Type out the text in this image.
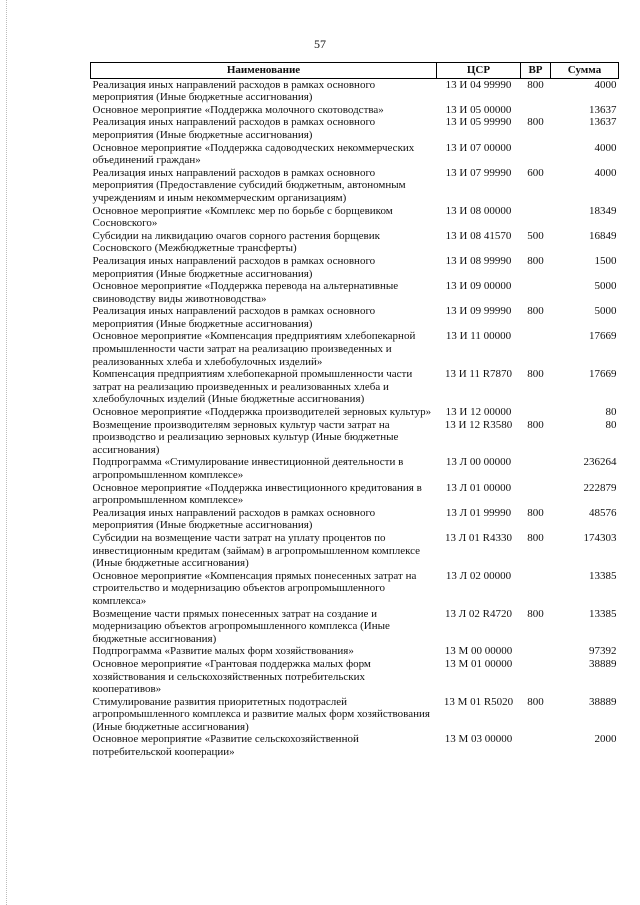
57
Наименование	ЦСР	ВР	Сумма
Реализация иных направлений расходов в рамках основного мероприятия (Иные бюджетные ассигнования)	13 И 04 99990	800	4000
Основное мероприятие «Поддержка молочного скотоводства»	13 И 05 00000		13637
Реализация иных направлений расходов в рамках основного мероприятия (Иные бюджетные ассигнования)	13 И 05 99990	800	13637
Основное мероприятие «Поддержка садоводческих некоммерческих объединений граждан»	13 И 07 00000		4000
Реализация иных направлений расходов в рамках основного мероприятия (Предоставление субсидий бюджетным, автономным учреждениям и иным некоммерческим организациям)	13 И 07 99990	600	4000
Основное мероприятие «Комплекс мер по борьбе с борщевиком Сосновского»	13 И 08 00000		18349
Субсидии на ликвидацию очагов сорного растения борщевик Сосновского (Межбюджетные трансферты)	13 И 08 41570	500	16849
Реализация иных направлений расходов в рамках основного мероприятия (Иные бюджетные ассигнования)	13 И 08 99990	800	1500
Основное мероприятие «Поддержка перевода на альтернативные свиноводству виды животноводства»	13 И 09 00000		5000
Реализация иных направлений расходов в рамках основного мероприятия (Иные бюджетные ассигнования)	13 И 09 99990	800	5000
Основное мероприятие «Компенсация предприятиям хлебопекарной промышленности части затрат на реализацию произведенных и реализованных хлеба и хлебобулочных изделий»	13 И 11 00000		17669
Компенсация предприятиям хлебопекарной промышленности части затрат на реализацию произведенных и реализованных хлеба и хлебобулочных изделий (Иные бюджетные ассигнования)	13 И 11 R7870	800	17669
Основное мероприятие «Поддержка производителей зерновых культур»	13 И 12 00000		80
Возмещение производителям зерновых культур части затрат на производство и реализацию зерновых культур (Иные бюджетные ассигнования)	13 И 12 R3580	800	80
Подпрограмма «Стимулирование инвестиционной деятельности в агропромышленном комплексе»	13 Л 00 00000		236264
Основное мероприятие «Поддержка инвестиционного кредитования в агропромышленном комплексе»	13 Л 01 00000		222879
Реализация иных направлений расходов в рамках основного мероприятия (Иные бюджетные ассигнования)	13 Л 01 99990	800	48576
Субсидии на возмещение части затрат на уплату процентов по инвестиционным кредитам (займам) в агропромышленном комплексе (Иные бюджетные ассигнования)	13 Л 01 R4330	800	174303
Основное мероприятие «Компенсация прямых понесенных затрат на строительство и модернизацию объектов агропромышленного комплекса»	13 Л 02 00000		13385
Возмещение части прямых понесенных затрат на создание и модернизацию объектов агропромышленного комплекса (Иные бюджетные ассигнования)	13 Л 02 R4720	800	13385
Подпрограмма «Развитие малых форм хозяйствования»	13 М 00 00000		97392
Основное мероприятие «Грантовая поддержка малых форм хозяйствования и сельскохозяйственных потребительских кооперативов»	13 М 01 00000		38889
Стимулирование развития приоритетных подотраслей агропромышленного комплекса и развитие малых форм хозяйствования (Иные бюджетные ассигнования)	13 М 01 R5020	800	38889
Основное мероприятие «Развитие сельскохозяйственной потребительской кооперации»	13 М 03 00000		2000
